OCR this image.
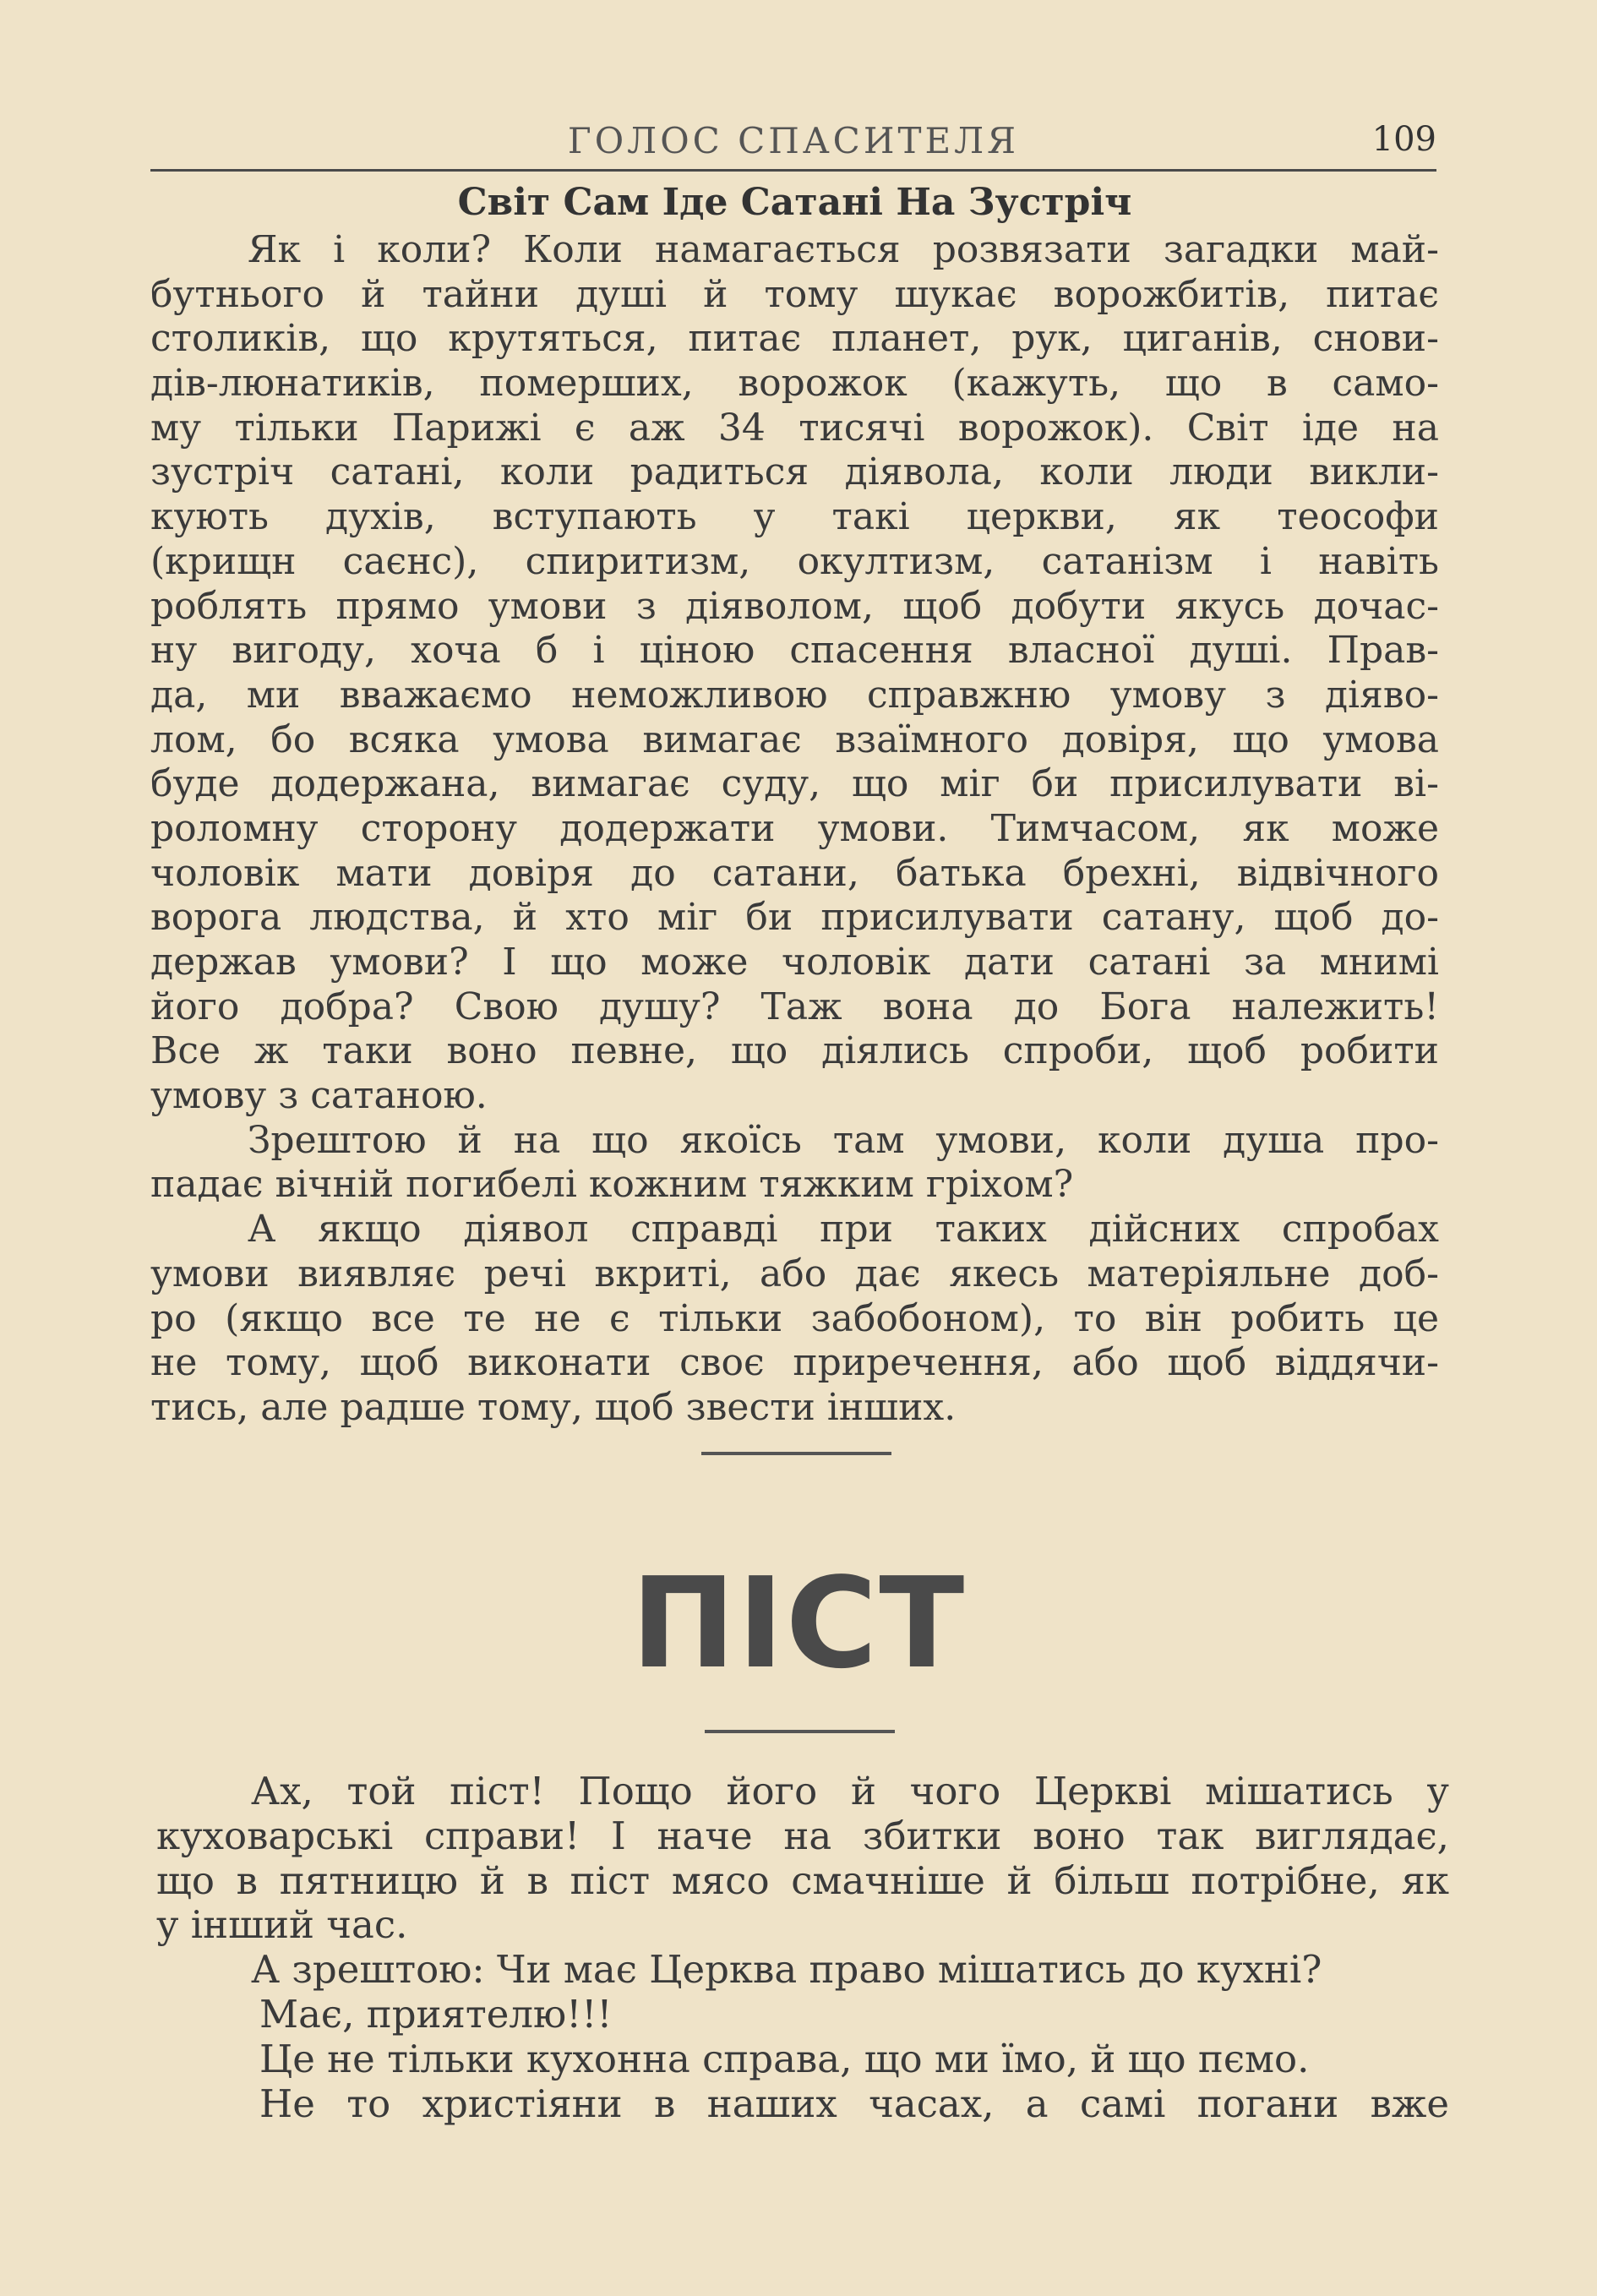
ГОЛОС СПАСИТЕЛЯ	109
Світ Сам Іде Сатані На Зустріч
Як і коли? Коли намагається розвязати загадки май-
бутнього й тайни душі й тому шукає ворожбитів, питає
столиків, що крутяться, питає планет, рук, циганів, снови-
дів-люнатиків, померших, ворожок (кажуть, що в само-
му тільки Парижі є аж 34 тисячі ворожок). Світ іде на
зустріч сатані, коли радиться діявола, коли люди викли-
кують духів, вступають у такі церкви, як теософи
(крищн саєнс), спиритизм, окултизм, сатанізм і навіть
роблять прямо умови з діяволом, щоб добути якусь дочас-
ну вигоду, хоча б і ціною спасення власної душі. Прав-
да, ми вважаємо неможливою справжню умову з діяво-
лом, бо всяка умова вимагає взаїмного довіря, що умова
буде додержана, вимагає суду, що міг би присилувати ві-
роломну сторону додержати умови. Тимчасом, як може
чоловік мати довіря до сатани, батька брехні, відвічного
ворога людства, й хто міг би присилувати сатану, щоб до-
держав умови? І що може чоловік дати сатані за мнимі
його добра? Свою душу? Таж вона до Бога належить!
Все ж таки воно певне, що діялись спроби, щоб робити
умову з сатаною.
Зрештою й на що якоїсь там умови, коли душа про-
падає вічній погибелі кожним тяжким гріхом?
А якщо діявол справді при таких дійсних спробах
умови виявляє речі вкриті, або дає якесь матеріяльне доб-
ро (якщо все те не є тільки забобоном), то він робить це
не тому, щоб виконати своє приречення, або щоб віддячи-
тись, але радше тому, щоб звести інших.
ПІСТ
Ах, той піст! Пощо його й чого Церкві мішатись у
куховарські справи! І наче на збитки воно так виглядає,
що в пятницю й в піст мясо смачніше й більш потрібне, як
у інший час.
А зрештою: Чи має Церква право мішатись до кухні?
Має, приятелю!!!
Це не тільки кухонна справа, що ми їмо, й що пємо.
Не то христіяни в наших часах, а самі погани вже
